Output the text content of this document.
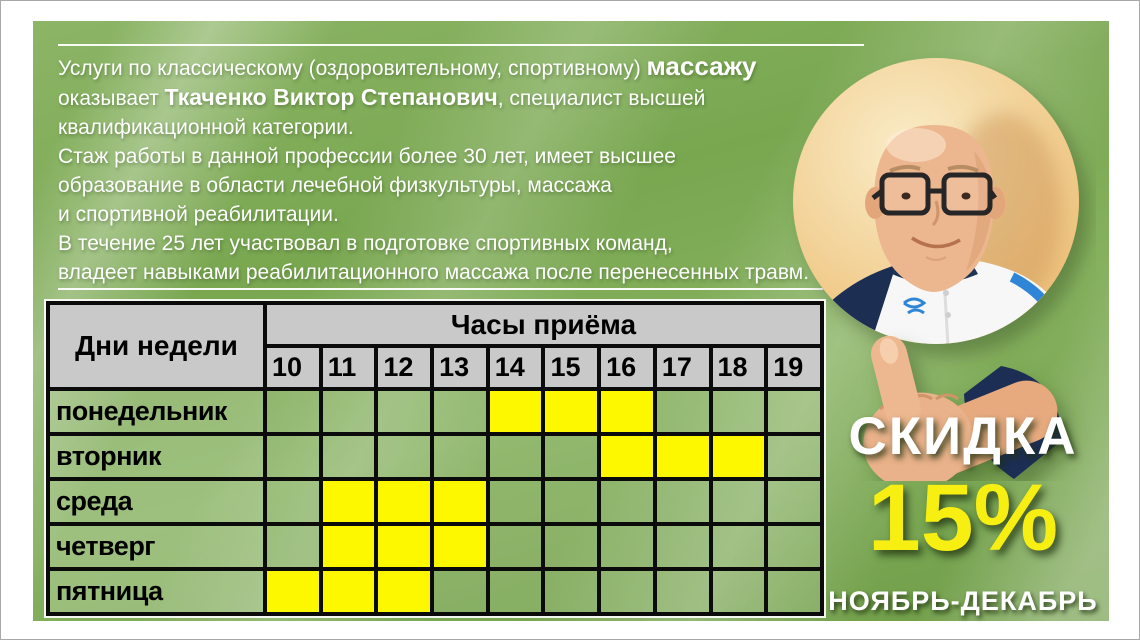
Услуги по классическому (оздоровительному, спортивному) массажу
оказывает Ткаченко Виктор Степанович, специалист высшей
квалификационной категории.
Стаж работы в данной профессии более 30 лет, имеет высшее
образование в области лечебной физкультуры, массажа
и спортивной реабилитации.
В течение 25 лет участвовал в подготовке спортивных команд,
владеет навыками реабилитационного массажа после перенесенных травм.
Дни недели	Часы приёма									
	10	11	12	13	14	15	16	17	18	19
понедельник										
вторник										
среда										
четверг										
пятница										
СКИДКА
15%
НОЯБРЬ-ДЕКАБРЬ
